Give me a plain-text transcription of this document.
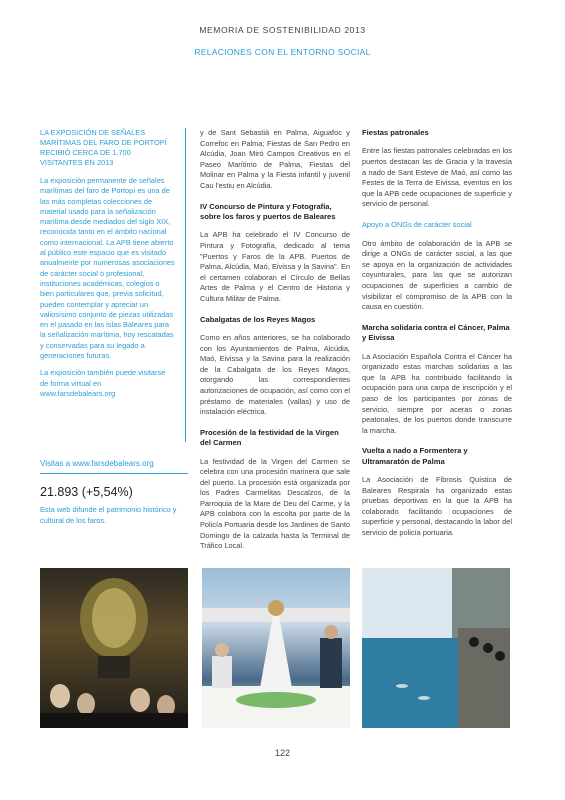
MEMORIA DE SOSTENIBILIDAD 2013
RELACIONES CON EL ENTORNO SOCIAL

LA EXPOSICIÓN DE SEÑALES MARÍTIMAS DEL FARO DE PORTOPÍ RECIBIÓ CERCA DE 1.700 VISITANTES EN 2013

La exposición permanente de señales marítimas del faro de Portopí es una de las más completas colecciones de material usado para la señalización marítima desde mediados del siglo XIX, reconocida tanto en el ámbito nacional como internacional. La APB tiene abierto al público este espacio que es visitado anualmente por numerosas asociaciones de carácter social o profesional, instituciones académicas, colegios o bien particulares que, previa solicitud, pueden contemplar y apreciar un valiosísimo conjunto de piezas utilizadas en el pasado en las islas Baleares para la señalización marítima, hoy rescatadas y conservadas para su legado a generaciones futuras.

La exposición también puede visitarse de forma virtual en www.farsdebalears.org

Visitas a www.farsdebalears.org
21.893 (+5,54%)
Esta web difunde el patrimonio histórico y cultural de los faros.

y de Sant Sebastià en Palma, Aiguafoc y Correfoc en Palma; Fiestas de San Pedro en Alcúdia, Joan Miró Campos Creativos en el Paseo Marítimo de Palma, Fiestas del Molinar en Palma y la Fiesta infantil y juvenil Cau l'estiu en Alcúdia.

IV Concurso de Pintura y Fotografía, sobre los faros y puertos de Baleares

La APB ha celebrado el IV Concurso de Pintura y Fotografía, dedicado al tema "Puertos y Faros de la APB. Puertos de Palma, Alcúdia, Maó, Eivissa y la Savina". En el certamen colaboran el Círculo de Bellas Artes de Palma y el Centro de Historia y Cultura Militar de Palma.

Cabalgatas de los Reyes Magos

Como en años anteriores, se ha colaborado con los Ayuntamientos de Palma, Alcúdia, Maó, Eivissa y la Savina para la realización de la Cabalgata de los Reyes Magos, otorgando las correspondientes autorizaciones de ocupación, así como con el préstamo de materiales (vallas) y uso de instalación eléctrica.

Procesión de la festividad de la Virgen del Carmen

La festividad de la Virgen del Carmen se celebra con una procesión marinera que sale del puerto. La procesión está organizada por los Padres Carmelitas Descalzos, de la Parroquia de la Mare de Deu del Carme, y la APB colabora con la escolta por parte de la Policía Portuaria desde los Jardines de Santo Domingo de la calzada hasta la Terminal de Tráfico Local.

Fiestas patronales

Entre las fiestas patronales celebradas en los puertos destacan las de Gracia y la travesía a nado de Sant Esteve de Maó, así como las Festes de la Terra de Eivissa, eventos en los que la APB cede ocupaciones de superficie y servicio de personal.

Apoyo a ONGs de carácter social

Otro ámbito de colaboración de la APB se dirige a ONGs de carácter social, a las que se apoya en la organización de actividades coyunturales, para las que se autorizan ocupaciones de superficies a cambio de visibilizar el compromiso de la APB con la causa en cuestión.

Marcha solidaria contra el Cáncer, Palma y Eivissa

La Asociación Española Contra el Cáncer ha organizado estas marchas solidarias a las que la APB ha contribuido facilitando la ocupación para una carpa de inscripción y el paso de los participantes por zonas de servicio, siempre por aceras o zonas peatonales, de los puertos donde transcurre la marcha.

Vuelta a nado a Formentera y Ultramaratón de Palma

La Asociación de Fibrosis Quística de Baleares Respirala ha organizado estas pruebas deportivas en la que la APB ha colaborado facilitando ocupaciones de superficie y personal, destacando la labor del servicio de policía portuaria.

122
